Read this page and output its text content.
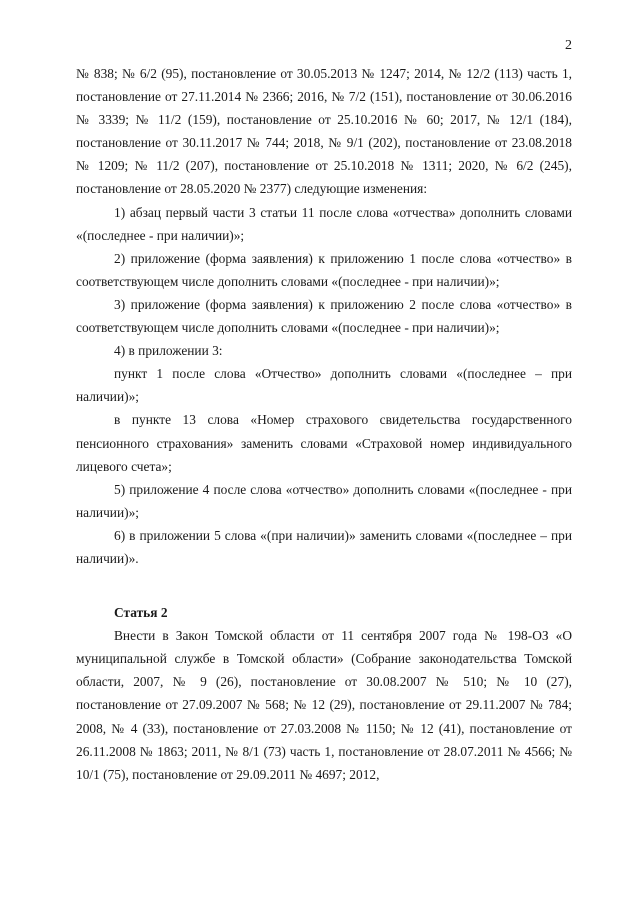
2

№ 838; № 6/2 (95), постановление от 30.05.2013 № 1247; 2014, № 12/2 (113) часть 1, постановление от 27.11.2014 № 2366; 2016, № 7/2 (151), постановление от 30.06.2016 № 3339; № 11/2 (159), постановление от 25.10.2016 № 60; 2017, № 12/1 (184), постановление от 30.11.2017 № 744; 2018, № 9/1 (202), постановление от 23.08.2018 № 1209; № 11/2 (207), постановление от 25.10.2018 № 1311; 2020, № 6/2 (245), постановление от 28.05.2020 № 2377) следующие изменения:

1) абзац первый части 3 статьи 11 после слова «отчества» дополнить словами «(последнее - при наличии)»;

2) приложение (форма заявления) к приложению 1 после слова «отчество» в соответствующем числе дополнить словами «(последнее - при наличии)»;

3) приложение (форма заявления) к приложению 2 после слова «отчество» в соответствующем числе дополнить словами «(последнее - при наличии)»;

4) в приложении 3:

пункт 1 после слова «Отчество» дополнить словами «(последнее – при наличии)»;

в пункте 13 слова «Номер страхового свидетельства государственного пенсионного страхования» заменить словами «Страховой номер индивидуального лицевого счета»;

5) приложение 4 после слова «отчество» дополнить словами «(последнее - при наличии)»;

6) в приложении 5 слова «(при наличии)» заменить словами «(последнее – при наличии)».

Статья 2

Внести в Закон Томской области от 11 сентября 2007 года № 198-ОЗ «О муниципальной службе в Томской области» (Собрание законодательства Томской области, 2007, № 9 (26), постановление от 30.08.2007 № 510; № 10 (27), постановление от 27.09.2007 № 568; № 12 (29), постановление от 29.11.2007 № 784; 2008, № 4 (33), постановление от 27.03.2008 № 1150; № 12 (41), постановление от 26.11.2008 № 1863; 2011, № 8/1 (73) часть 1, постановление от 28.07.2011 № 4566; № 10/1 (75), постановление от 29.09.2011 № 4697; 2012,
